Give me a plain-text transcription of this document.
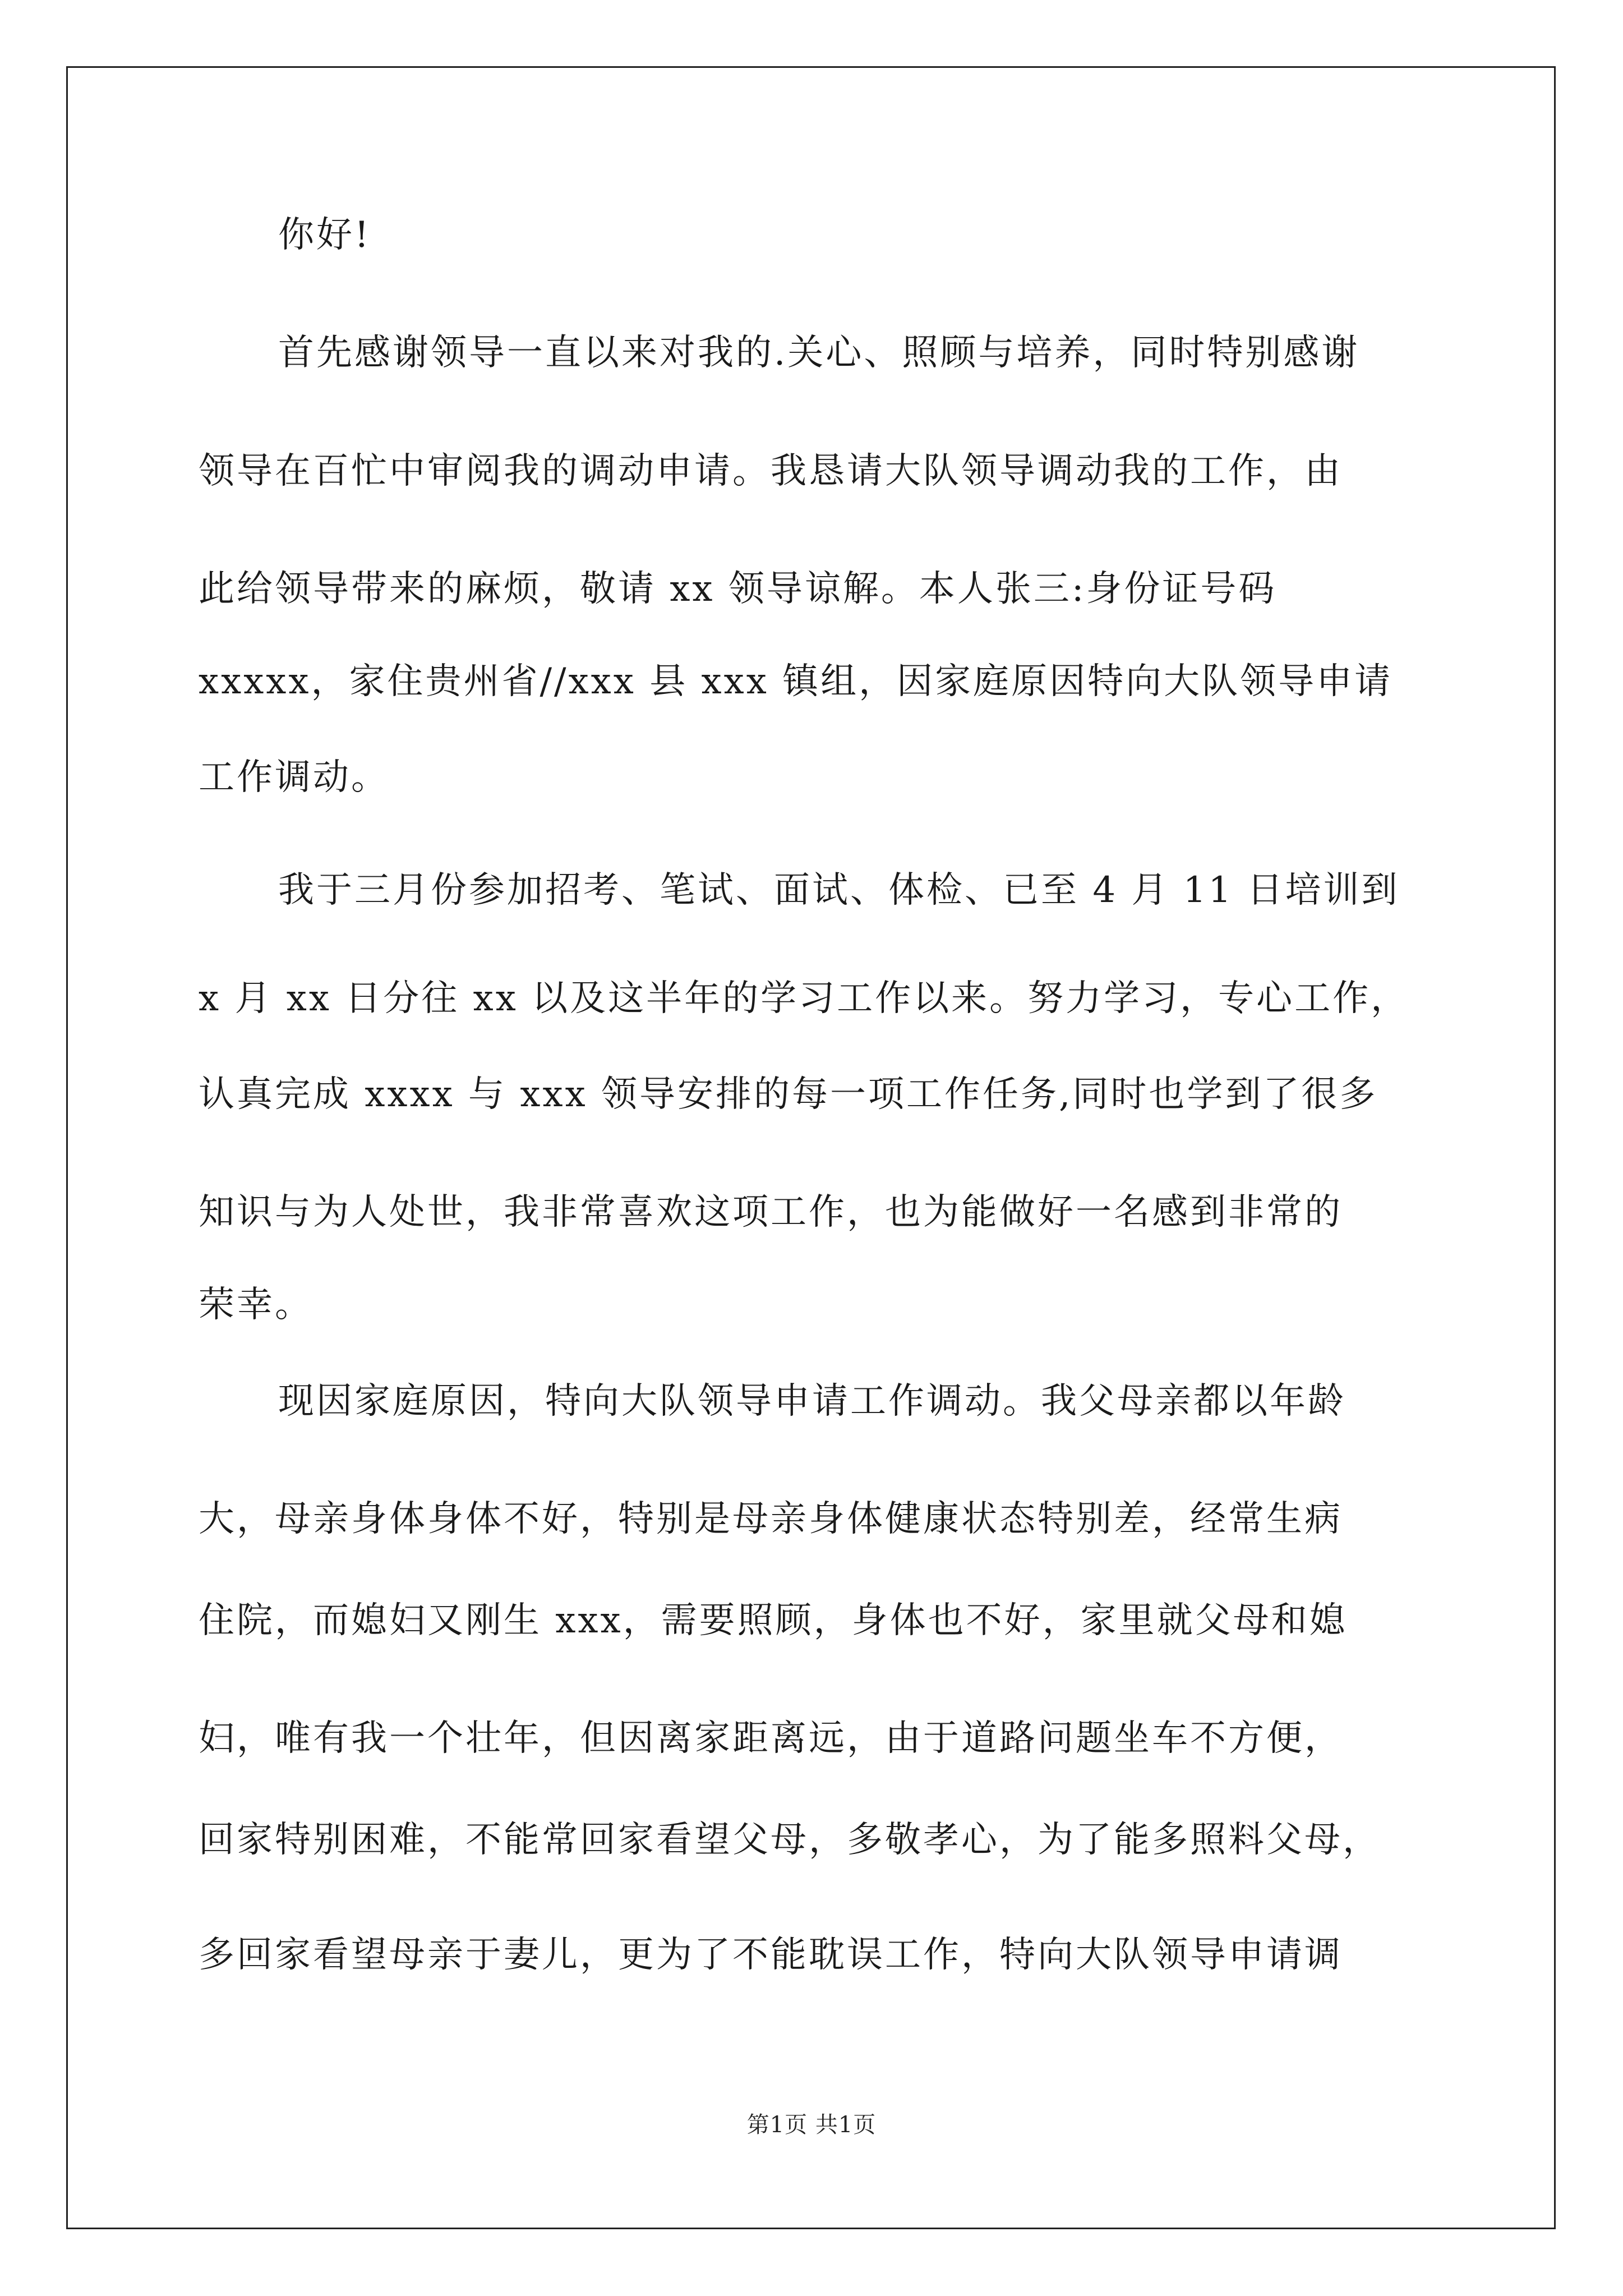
你好!
首先感谢领导一直以来对我的.关心、照顾与培养，同时特别感谢
领导在百忙中审阅我的调动申请。我恳请大队领导调动我的工作，由
此给领导带来的麻烦，敬请 xx 领导谅解。本人张三:身份证号码
xxxxx，家住贵州省//xxx 县 xxx 镇组，因家庭原因特向大队领导申请
工作调动。
我于三月份参加招考、笔试、面试、体检、已至 4 月 11 日培训到
x 月 xx 日分往 xx 以及这半年的学习工作以来。努力学习，专心工作，
认真完成 xxxx 与 xxx 领导安排的每一项工作任务,同时也学到了很多
知识与为人处世，我非常喜欢这项工作，也为能做好一名感到非常的
荣幸。
现因家庭原因，特向大队领导申请工作调动。我父母亲都以年龄
大，母亲身体身体不好，特别是母亲身体健康状态特别差，经常生病
住院，而媳妇又刚生 xxx，需要照顾，身体也不好，家里就父母和媳
妇，唯有我一个壮年，但因离家距离远，由于道路问题坐车不方便，
回家特别困难，不能常回家看望父母，多敬孝心，为了能多照料父母，
多回家看望母亲于妻儿，更为了不能耽误工作，特向大队领导申请调
第1页 共1页
